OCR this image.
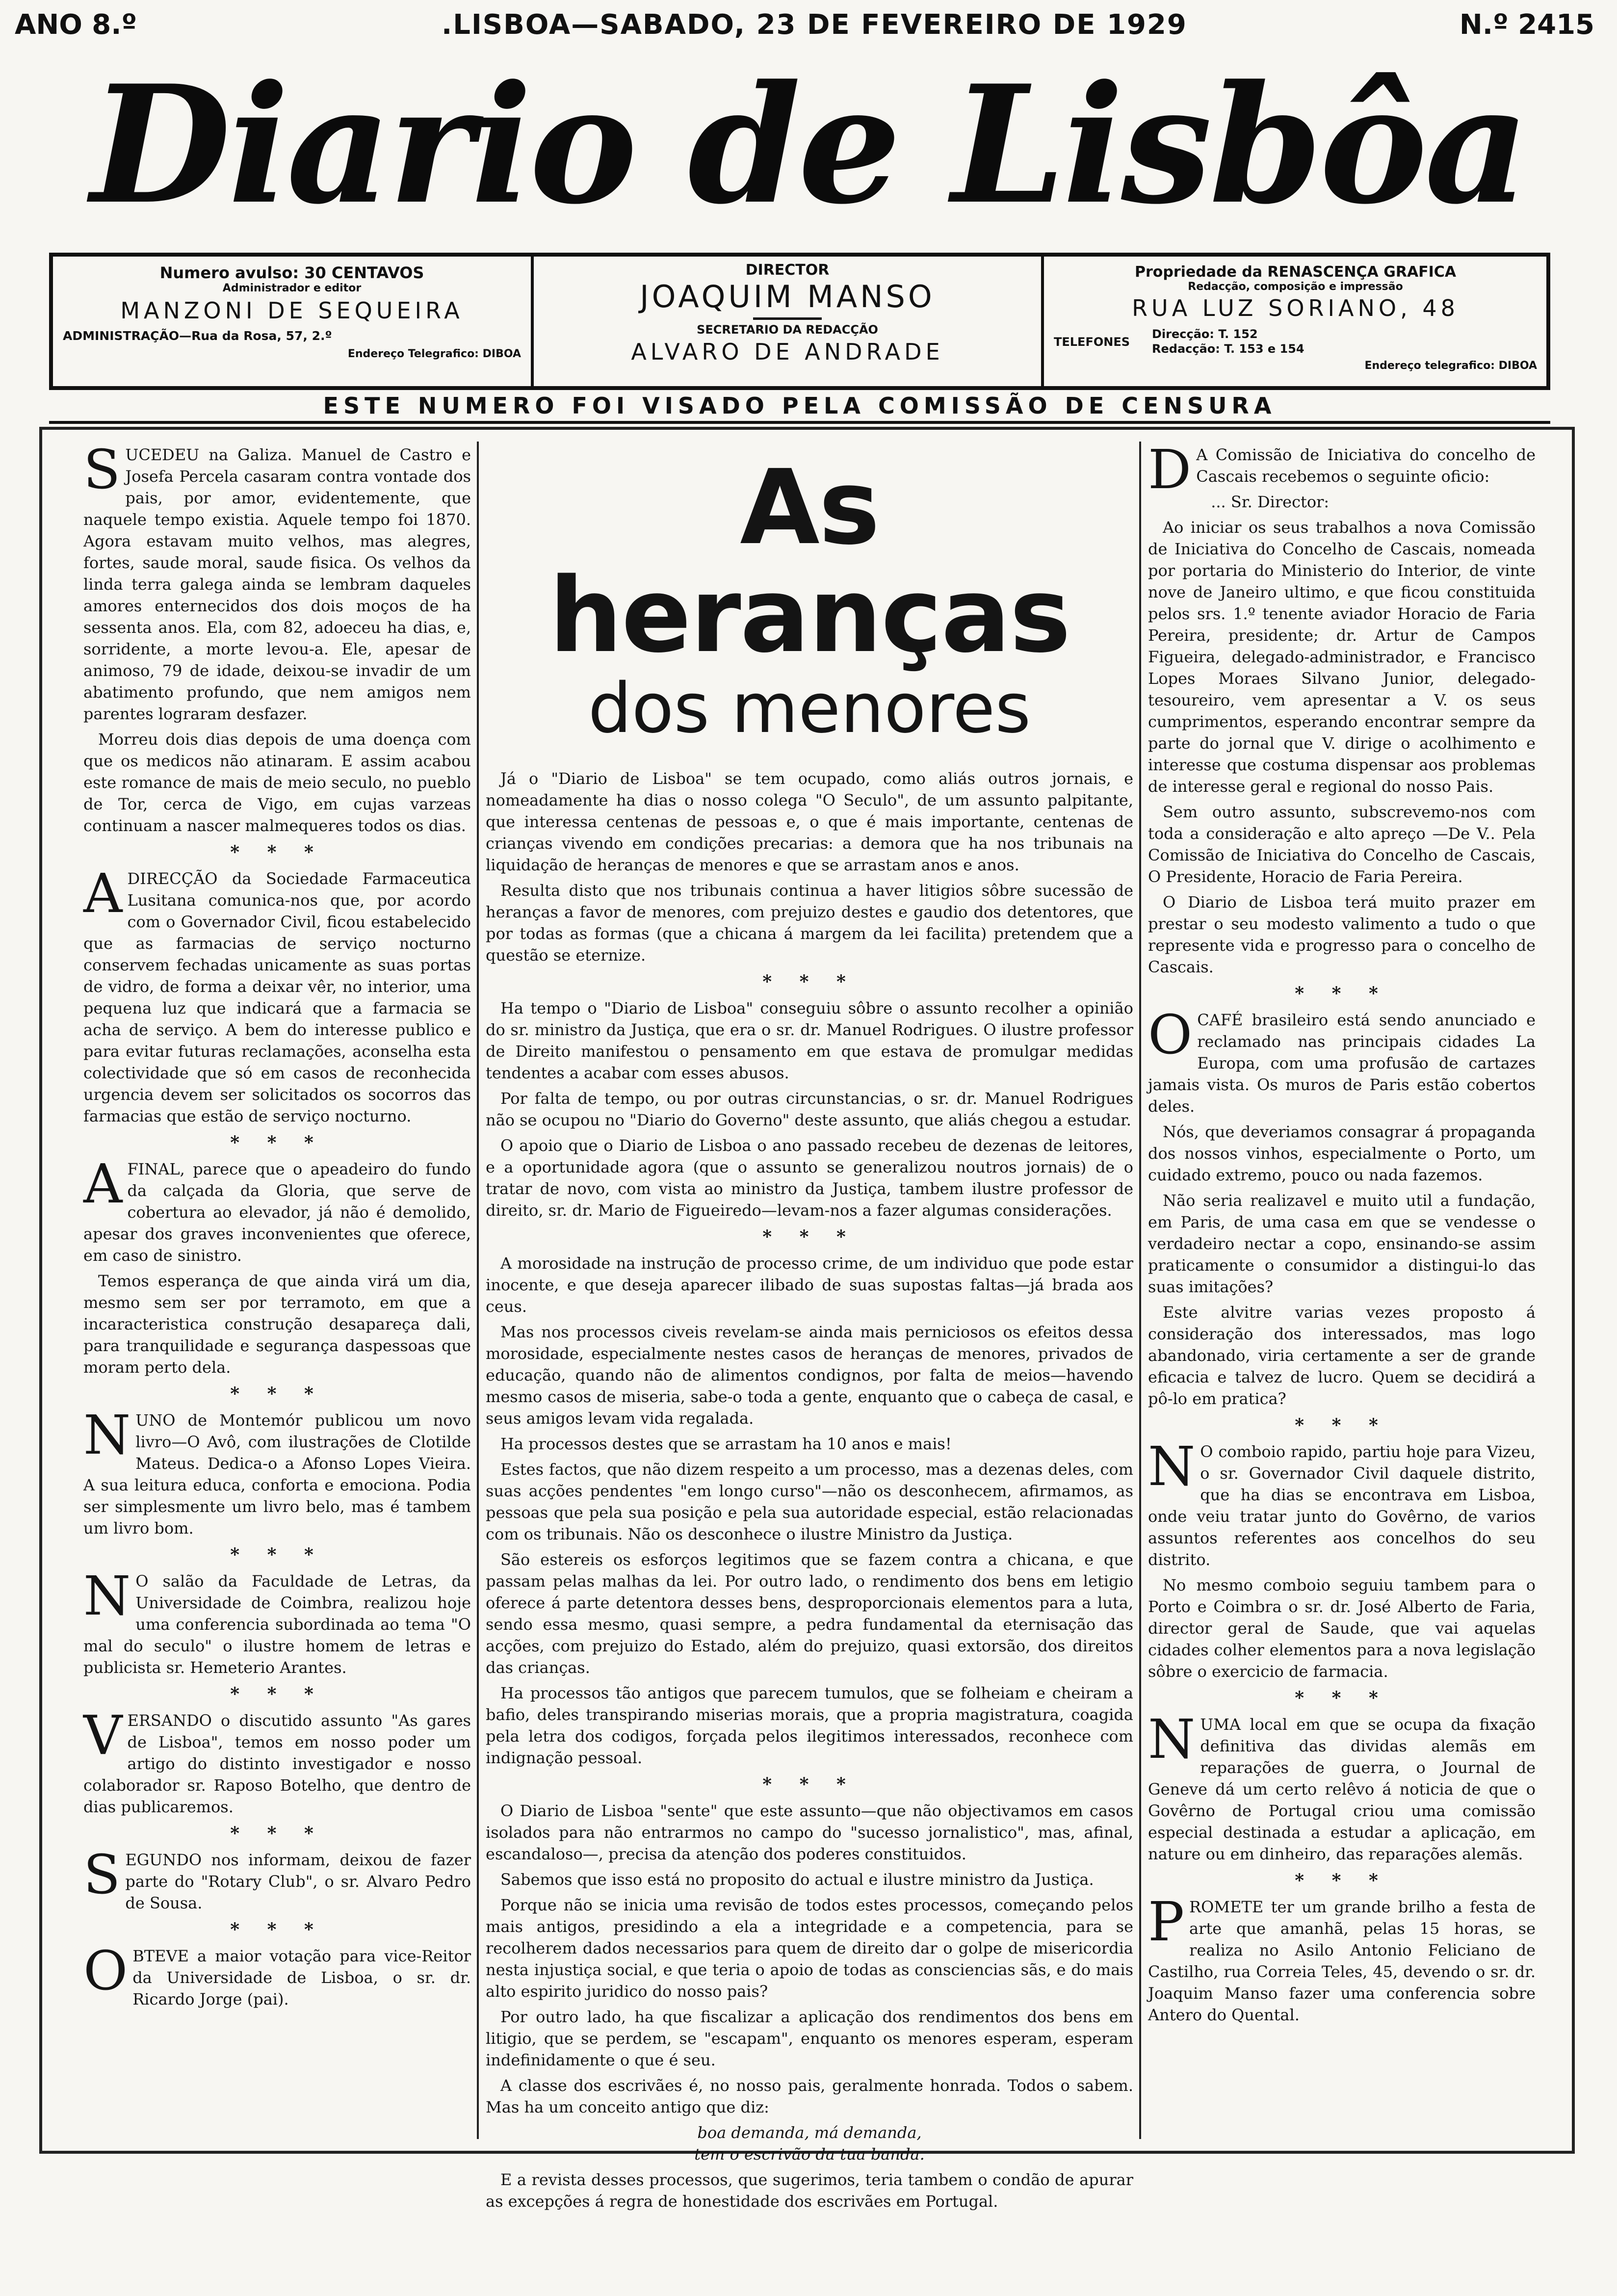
ANO 8.º	.LISBOA—SABADO, 23 DE FEVEREIRO DE 1929	N.º 2415
Diario de Lisbôa
Numero avulso: 30 CENTAVOS
Administrador e editor
MANZONI DE SEQUEIRA
ADMINISTRAÇÃO—Rua da Rosa, 57, 2.º
Endereço Telegrafico: DIBOA
DIRECTOR
JOAQUIM MANSO
SECRETARIO DA REDACÇÃO
ALVARO DE ANDRADE
Propriedade da RENASCENÇA GRAFICA
Redacção, composição e impressão
RUA LUZ SORIANO, 48
TELEFONES
Direcção: T. 152
Redacção: T. 153 e 154
Endereço telegrafico: DIBOA
ESTE NUMERO FOI VISADO PELA COMISSÃO DE CENSURA

SUCEDEU na Galiza. Manuel de Castro e Josefa Percela casaram contra vontade dos pais, por amor, evidentemente, que naquele tempo existia. Aquele tempo foi 1870. Agora estavam muito velhos, mas alegres, fortes, saude moral, saude fisica. Os velhos da linda terra galega ainda se lembram daqueles amores enternecidos dos dois moços de ha sessenta anos. Ela, com 82, adoeceu ha dias, e, sorridente, a morte levou-a. Ele, apesar de animoso, 79 de idade, deixou-se invadir de um abatimento profundo, que nem amigos nem parentes lograram desfazer.

Morreu dois dias depois de uma doença com que os medicos não atinaram. E assim acabou este romance de mais de meio seculo, no pueblo de Tor, cerca de Vigo, em cujas varzeas continuam a nascer malmequeres todos os dias.

* * *

A DIRECÇÃO da Sociedade Farmaceutica Lusitana comunica-nos que, por acordo com o Governador Civil, ficou estabelecido que as farmacias de serviço nocturno conservem fechadas unicamente as suas portas de vidro, de forma a deixar vêr, no interior, uma pequena luz que indicará que a farmacia se acha de serviço. A bem do interesse publico e para evitar futuras reclamações, aconselha esta colectividade que só em casos de reconhecida urgencia devem ser solicitados os socorros das farmacias que estão de serviço nocturno.

* * *

AFINAL, parece que o apeadeiro do fundo da calçada da Gloria, que serve de cobertura ao elevador, já não é demolido, apesar dos graves inconvenientes que oferece, em caso de sinistro.

Temos esperança de que ainda virá um dia, mesmo sem ser por terramoto, em que a incaracteristica construção desapareça dali, para tranquilidade e segurança daspessoas que moram perto dela.

* * *

NUNO de Montemór publicou um novo livro—O Avô, com ilustrações de Clotilde Mateus. Dedica-o a Afonso Lopes Vieira. A sua leitura educa, conforta e emociona. Podia ser simplesmente um livro belo, mas é tambem um livro bom.

* * *

N O salão da Faculdade de Letras, da Universidade de Coimbra, realizou hoje uma conferencia subordinada ao tema "O mal do seculo" o ilustre homem de letras e publicista sr. Hemeterio Arantes.

* * *

VERSANDO o discutido assunto "As gares de Lisboa", temos em nosso poder um artigo do distinto investigador e nosso colaborador sr. Raposo Botelho, que dentro de dias publicaremos.

* * *

SEGUNDO nos informam, deixou de fazer parte do "Rotary Club", o sr. Alvaro Pedro de Sousa.

* * *

OBTEVE a maior votação para vice-Reitor da Universidade de Lisboa, o sr. dr. Ricardo Jorge (pai).

As heranças
dos menores

Já o "Diario de Lisboa" se tem ocupado, como aliás outros jornais, e nomeadamente ha dias o nosso colega "O Seculo", de um assunto palpitante, que interessa centenas de pessoas e, o que é mais importante, centenas de crianças vivendo em condições precarias: a demora que ha nos tribunais na liquidação de heranças de menores e que se arrastam anos e anos.

Resulta disto que nos tribunais continua a haver litigios sôbre sucessão de heranças a favor de menores, com prejuizo destes e gaudio dos detentores, que por todas as formas (que a chicana á margem da lei facilita) pretendem que a questão se eternize.

* * *

Ha tempo o "Diario de Lisboa" conseguiu sôbre o assunto recolher a opinião do sr. ministro da Justiça, que era o sr. dr. Manuel Rodrigues. O ilustre professor de Direito manifestou o pensamento em que estava de promulgar medidas tendentes a acabar com esses abusos.

Por falta de tempo, ou por outras circunstancias, o sr. dr. Manuel Rodrigues não se ocupou no "Diario do Governo" deste assunto, que aliás chegou a estudar.

O apoio que o Diario de Lisboa o ano passado recebeu de dezenas de leitores, e a oportunidade agora (que o assunto se generalizou noutros jornais) de o tratar de novo, com vista ao ministro da Justiça, tambem ilustre professor de direito, sr. dr. Mario de Figueiredo—levam-nos a fazer algumas considerações.

* * *

A morosidade na instrução de processo crime, de um individuo que pode estar inocente, e que deseja aparecer ilibado de suas supostas faltas—já brada aos ceus.

Mas nos processos civeis revelam-se ainda mais perniciosos os efeitos dessa morosidade, especialmente nestes casos de heranças de menores, privados de educação, quando não de alimentos condignos, por falta de meios—havendo mesmo casos de miseria, sabe-o toda a gente, enquanto que o cabeça de casal, e seus amigos levam vida regalada.

Ha processos destes que se arrastam ha 10 anos e mais!

Estes factos, que não dizem respeito a um processo, mas a dezenas deles, com suas acções pendentes "em longo curso"—não os desconhecem, afirmamos, as pessoas que pela sua posição e pela sua autoridade especial, estão relacionadas com os tribunais. Não os desconhece o ilustre Ministro da Justiça.

São estereis os esforços legitimos que se fazem contra a chicana, e que passam pelas malhas da lei. Por outro lado, o rendimento dos bens em letigio oferece á parte detentora desses bens, desproporcionais elementos para a luta, sendo essa mesmo, quasi sempre, a pedra fundamental da eternisação das acções, com prejuizo do Estado, além do prejuizo, quasi extorsão, dos direitos das crianças.

Ha processos tão antigos que parecem tumulos, que se folheiam e cheiram a bafio, deles transpirando miserias morais, que a propria magistratura, coagida pela letra dos codigos, forçada pelos ilegitimos interessados, reconhece com indignação pessoal.

* * *

O Diario de Lisboa "sente" que este assunto—que não objectivamos em casos isolados para não entrarmos no campo do "sucesso jornalistico", mas, afinal, escandaloso—, precisa da atenção dos poderes constituidos.

Sabemos que isso está no proposito do actual e ilustre ministro da Justiça.

Porque não se inicia uma revisão de todos estes processos, começando pelos mais antigos, presidindo a ela a integridade e a competencia, para se recolherem dados necessarios para quem de direito dar o golpe de misericordia nesta injustiça social, e que teria o apoio de todas as consciencias sãs, e do mais alto espirito juridico do nosso pais?

Por outro lado, ha que fiscalizar a aplicação dos rendimentos dos bens em litigio, que se perdem, se "escapam", enquanto os menores esperam, esperam indefinidamente o que é seu.

A classe dos escrivães é, no nosso pais, geralmente honrada. Todos o sabem. Mas ha um conceito antigo que diz:

boa demanda, má demanda,
tem o escrivão da tua banda.

E a revista desses processos, que sugerimos, teria tambem o condão de apurar as excepções á regra de honestidade dos escrivães em Portugal.

D A Comissão de Iniciativa do concelho de Cascais recebemos o seguinte oficio:

... Sr. Director:

Ao iniciar os seus trabalhos a nova Comissão de Iniciativa do Concelho de Cascais, nomeada por portaria do Ministerio do Interior, de vinte nove de Janeiro ultimo, e que ficou constituida pelos srs. 1.º tenente aviador Horacio de Faria Pereira, presidente; dr. Artur de Campos Figueira, delegado-administrador, e Francisco Lopes Moraes Silvano Junior, delegado-tesoureiro, vem apresentar a V. os seus cumprimentos, esperando encontrar sempre da parte do jornal que V. dirige o acolhimento e interesse que costuma dispensar aos problemas de interesse geral e regional do nosso Pais.

Sem outro assunto, subscrevemo-nos com toda a consideração e alto apreço —De V.. Pela Comissão de Iniciativa do Concelho de Cascais, O Presidente, Horacio de Faria Pereira.

O Diario de Lisboa terá muito prazer em prestar o seu modesto valimento a tudo o que represente vida e progresso para o concelho de Cascais.

* * *

O CAFÉ brasileiro está sendo anunciado e reclamado nas principais cidades La Europa, com uma profusão de cartazes jamais vista. Os muros de Paris estão cobertos deles.

Nós, que deveriamos consagrar á propaganda dos nossos vinhos, especialmente o Porto, um cuidado extremo, pouco ou nada fazemos.

Não seria realizavel e muito util a fundação, em Paris, de uma casa em que se vendesse o verdadeiro nectar a copo, ensinando-se assim praticamente o consumidor a distingui-lo das suas imitações?

Este alvitre varias vezes proposto á consideração dos interessados, mas logo abandonado, viria certamente a ser de grande eficacia e talvez de lucro. Quem se decidirá a pô-lo em pratica?

* * *

N O comboio rapido, partiu hoje para Vizeu, o sr. Governador Civil daquele distrito, que ha dias se encontrava em Lisboa, onde veiu tratar junto do Govêrno, de varios assuntos referentes aos concelhos do seu distrito.

No mesmo comboio seguiu tambem para o Porto e Coimbra o sr. dr. José Alberto de Faria, director geral de Saude, que vai aquelas cidades colher elementos para a nova legislação sôbre o exercicio de farmacia.

* * *

NUMA local em que se ocupa da fixação definitiva das dividas alemãs em reparações de guerra, o Journal de Geneve dá um certo relêvo á noticia de que o Govêrno de Portugal criou uma comissão especial destinada a estudar a aplicação, em nature ou em dinheiro, das reparações alemãs.

* * *

PROMETE ter um grande brilho a festa de arte que amanhã, pelas 15 horas, se realiza no Asilo Antonio Feliciano de Castilho, rua Correia Teles, 45, devendo o sr. dr. Joaquim Manso fazer uma conferencia sobre Antero do Quental.
